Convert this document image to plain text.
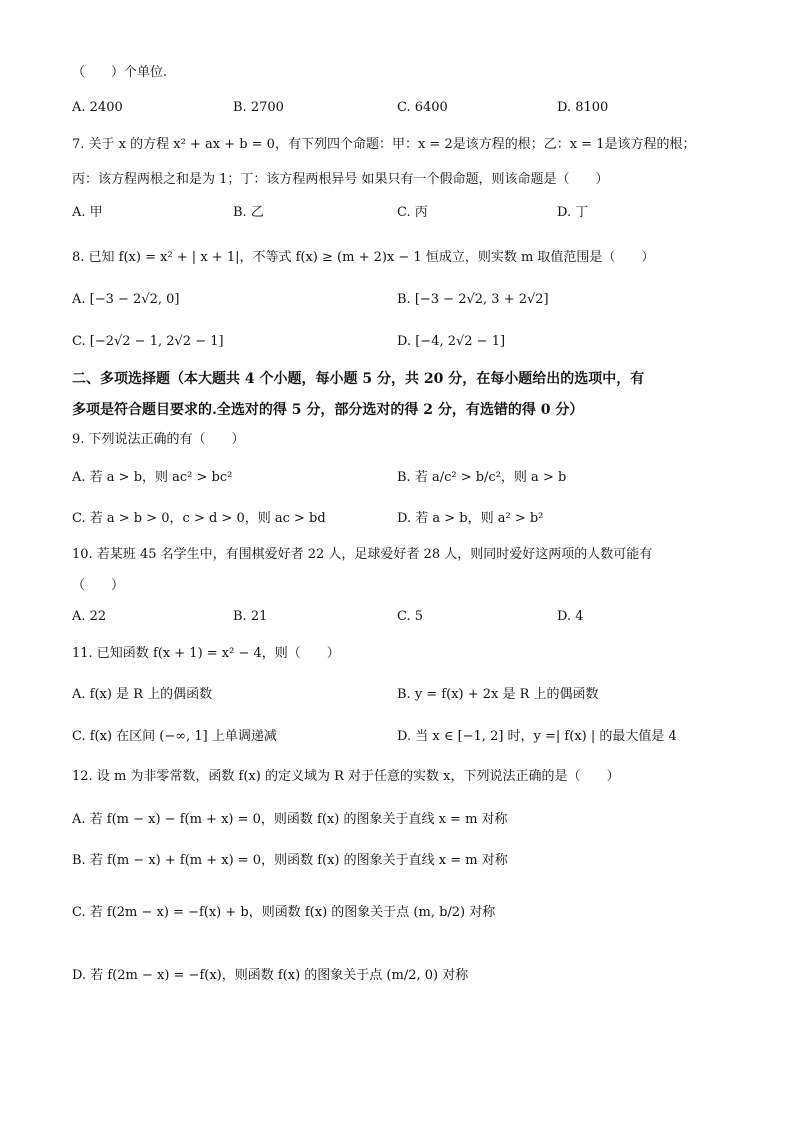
（　　）个单位.
A. 2400	B. 2700	C. 6400	D. 8100
7. 关于 x 的方程 x² + ax + b = 0，有下列四个命题：甲：x = 2是该方程的根；乙：x = 1是该方程的根；
丙：该方程两根之和是为 1；丁：该方程两根异号 如果只有一个假命题，则该命题是（　　）
A. 甲	B. 乙	C. 丙	D. 丁
8. 已知 f(x) = x² + | x + 1|，不等式 f(x) ≥ (m + 2)x − 1 恒成立，则实数 m 取值范围是（　　）
A. [−3 − 2√2, 0]	B. [−3 − 2√2, 3 + 2√2]
C. [−2√2 − 1, 2√2 − 1]	D. [−4, 2√2 − 1]
二、多项选择题（本大题共 4 个小题，每小题 5 分，共 20 分，在每小题给出的选项中，有
多项是符合题目要求的.全选对的得 5 分，部分选对的得 2 分，有选错的得 0 分）
9. 下列说法正确的有（　　）
A. 若 a > b，则 ac² > bc²	B. 若 a/c² > b/c²，则 a > b
C. 若 a > b > 0，c > d > 0，则 ac > bd	D. 若 a > b，则 a² > b²
10. 若某班 45 名学生中，有围棋爱好者 22 人，足球爱好者 28 人，则同时爱好这两项的人数可能有
（　　）
A. 22	B. 21	C. 5	D. 4
11. 已知函数 f(x + 1) = x² − 4，则（　　）
A. f(x) 是 R 上的偶函数	B. y = f(x) + 2x 是 R 上的偶函数
C. f(x) 在区间 (−∞, 1] 上单调递减	D. 当 x ∈ [−1, 2] 时，y =| f(x) | 的最大值是 4
12. 设 m 为非零常数，函数 f(x) 的定义域为 R 对于任意的实数 x，下列说法正确的是（　　）
A. 若 f(m − x) − f(m + x) = 0，则函数 f(x) 的图象关于直线 x = m 对称
B. 若 f(m − x) + f(m + x) = 0，则函数 f(x) 的图象关于直线 x = m 对称
C. 若 f(2m − x) = −f(x) + b，则函数 f(x) 的图象关于点 (m, b/2) 对称
D. 若 f(2m − x) = −f(x)，则函数 f(x) 的图象关于点 (m/2, 0) 对称
